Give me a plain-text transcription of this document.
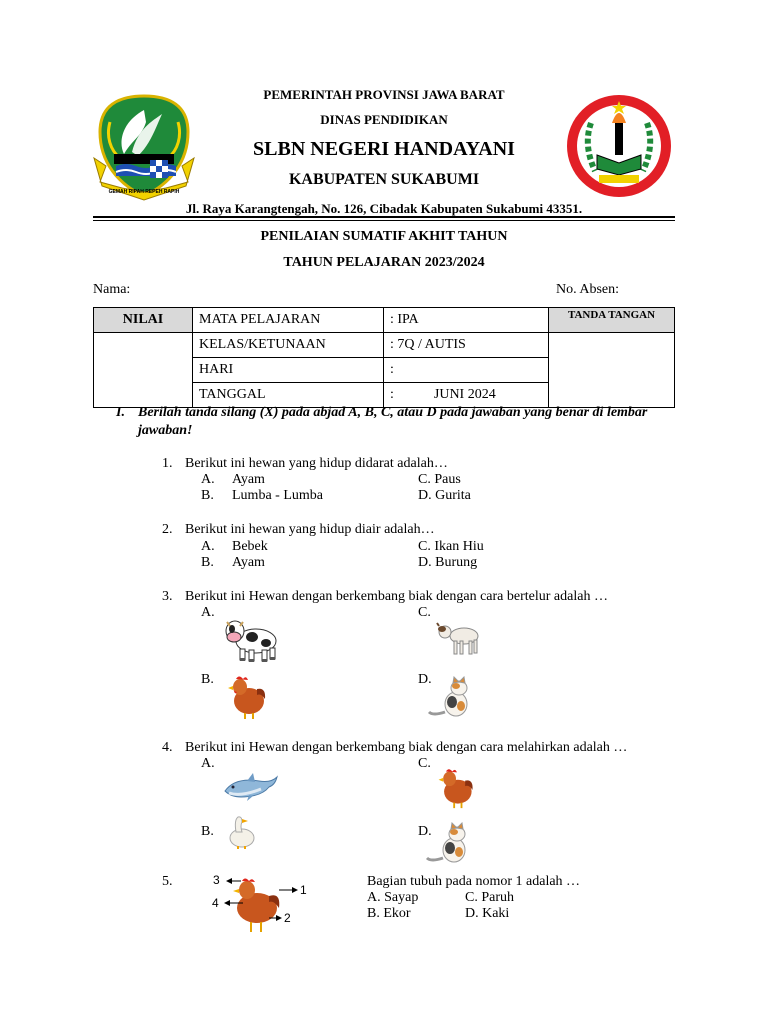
GEMAH RIPAH REPEH RAPIH
PEMERINTAH PROVINSI JAWA BARAT
DINAS PENDIDIKAN
SLBN NEGERI HANDAYANI
KABUPATEN SUKABUMI
Jl. Raya Karangtengah, No. 126, Cibadak Kabupaten Sukabumi 43351.
PENILAIAN SUMATIF AKHIT TAHUN
TAHUN PELAJARAN 2023/2024
Nama:	No. Absen:
NILAI	MATA PELAJARAN	: IPA	TANDA TANGAN
	KELAS/KETUNAAN	: 7Q / AUTIS	
	HARI	:	
	TANGGAL	: JUNI 2024	
I. Berilah tanda silang (X) pada abjad A, B, C, atau D pada jawaban yang benar di lembar
jawaban!
1. Berikut ini hewan yang hidup didarat adalah…
A. Ayam
B. Lumba - Lumba
C. Paus
D. Gurita
2. Berikut ini hewan yang hidup diair adalah…
A. Bebek
B. Ayam
C. Ikan Hiu
D. Burung
3. Berikut ini Hewan dengan berkembang biak dengan cara bertelur adalah …
A.	C.
B.	D.
4. Berikut ini Hewan dengan berkembang biak dengan cara melahirkan adalah …
A.	C.
B.	D.
5.	Bagian tubuh pada nomor 1 adalah …
A. Sayap	C. Paruh
B. Ekor	D. Kaki
3
4
1
2
